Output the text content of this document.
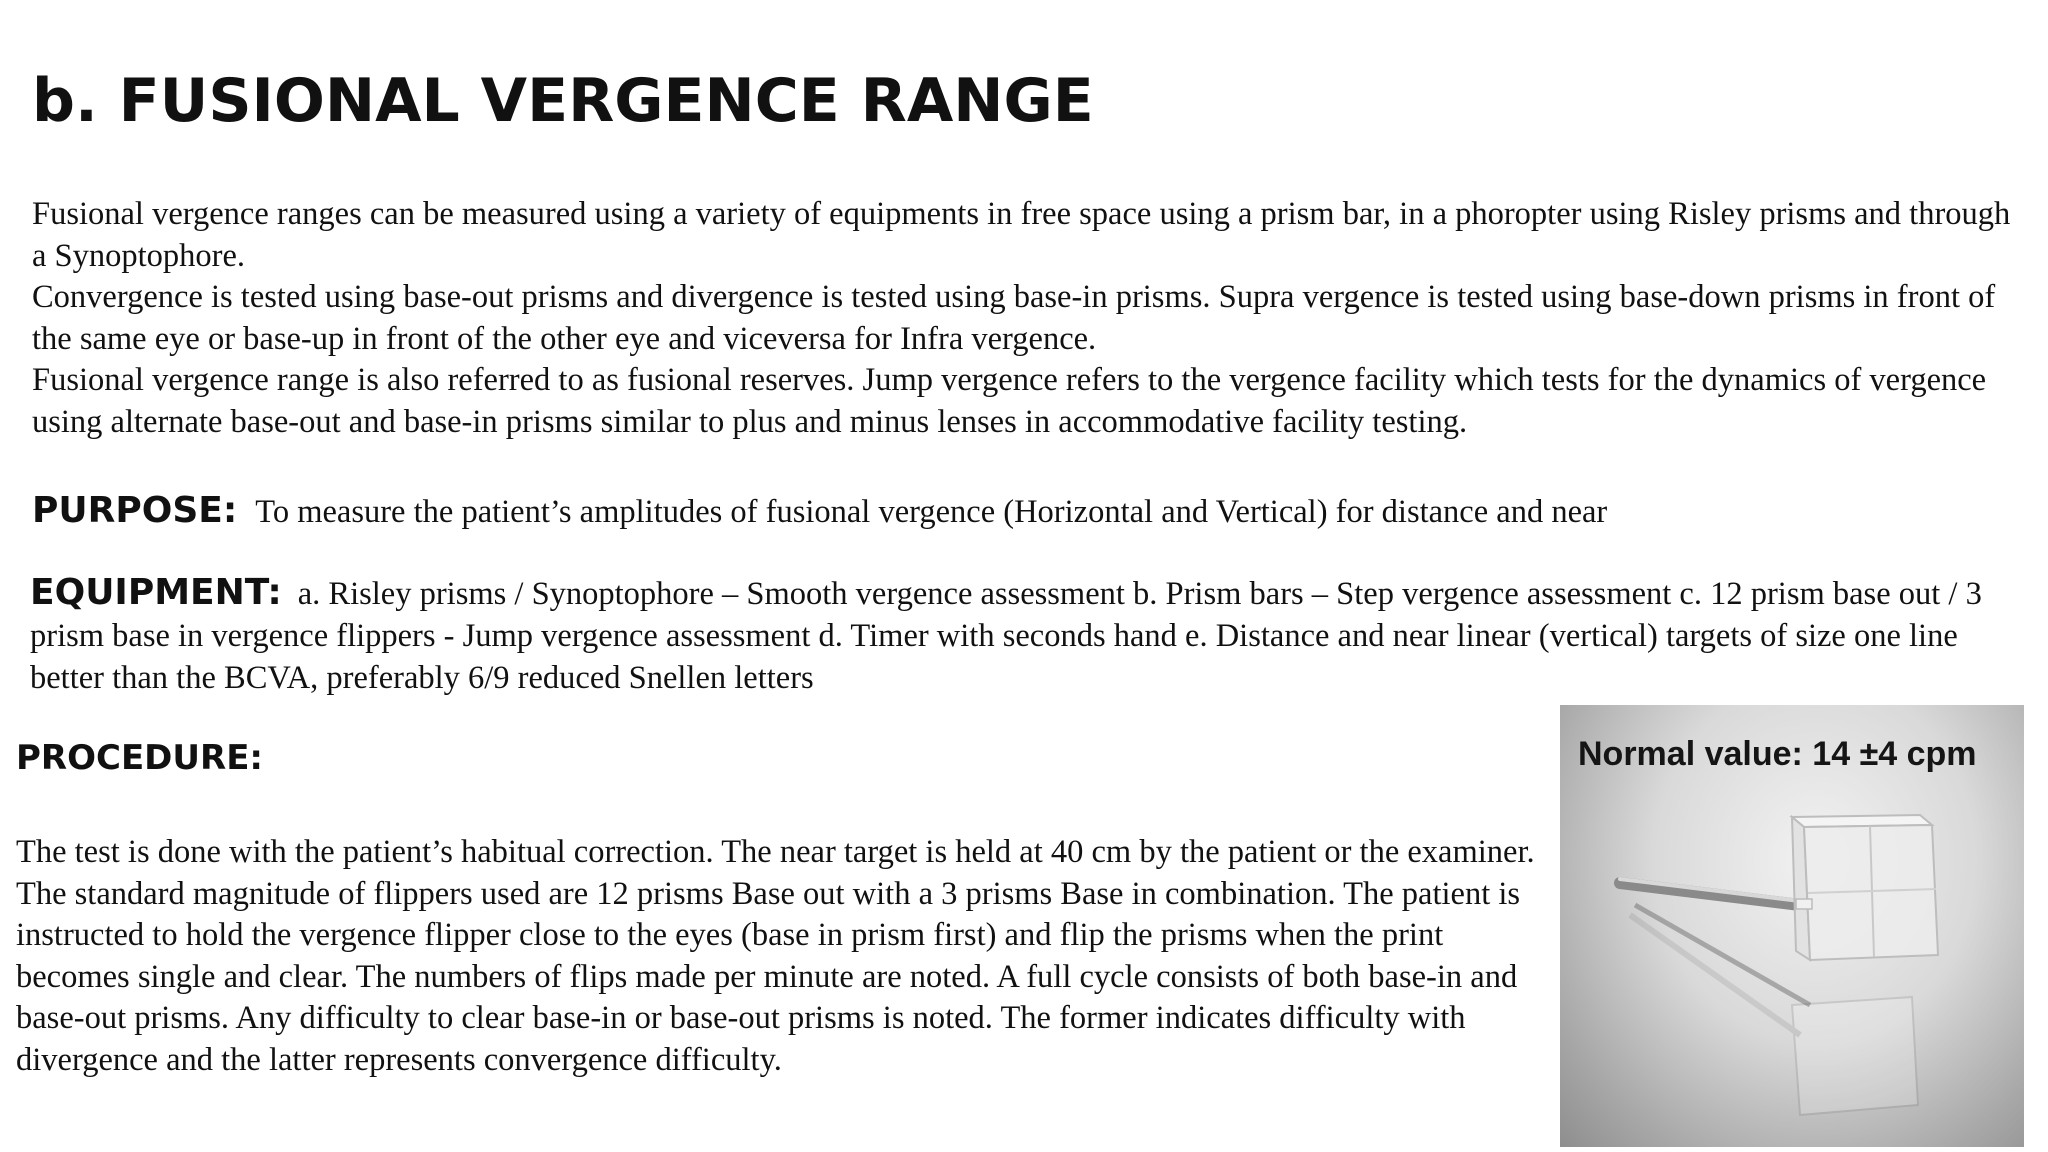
b. FUSIONAL VERGENCE RANGE

Fusional vergence ranges can be measured using a variety of equipments in free space using a prism bar, in a phoropter using Risley prisms and through a Synoptophore.

Convergence is tested using base-out prisms and divergence is tested using base-in prisms. Supra vergence is tested using base-down prisms in front of the same eye or base-up in front of the other eye and viceversa for Infra vergence.

Fusional vergence range is also referred to as fusional reserves. Jump vergence refers to the vergence facility which tests for the dynamics of vergence using alternate base-out and base-in prisms similar to plus and minus lenses in accommodative facility testing.

PURPOSE: To measure the patient’s amplitudes of fusional vergence (Horizontal and Vertical) for distance and near

EQUIPMENT: a. Risley prisms / Synoptophore – Smooth vergence assessment b. Prism bars – Step vergence assessment c. 12 prism base out / 3 prism base in vergence flippers - Jump vergence assessment d. Timer with seconds hand e. Distance and near linear (vertical) targets of size one line better than the BCVA, preferably 6/9 reduced Snellen letters

PROCEDURE:

The test is done with the patient’s habitual correction. The near target is held at 40 cm by the patient or the examiner. The standard magnitude of flippers used are 12 prisms Base out with a 3 prisms Base in combination. The patient is instructed to hold the vergence flipper close to the eyes (base in prism first) and flip the prisms when the print becomes single and clear. The numbers of flips made per minute are noted. A full cycle consists of both base-in and base-out prisms. Any difficulty to clear base-in or base-out prisms is noted. The former indicates difficulty with divergence and the latter represents convergence difficulty.

Normal value: 14 ±4 cpm
